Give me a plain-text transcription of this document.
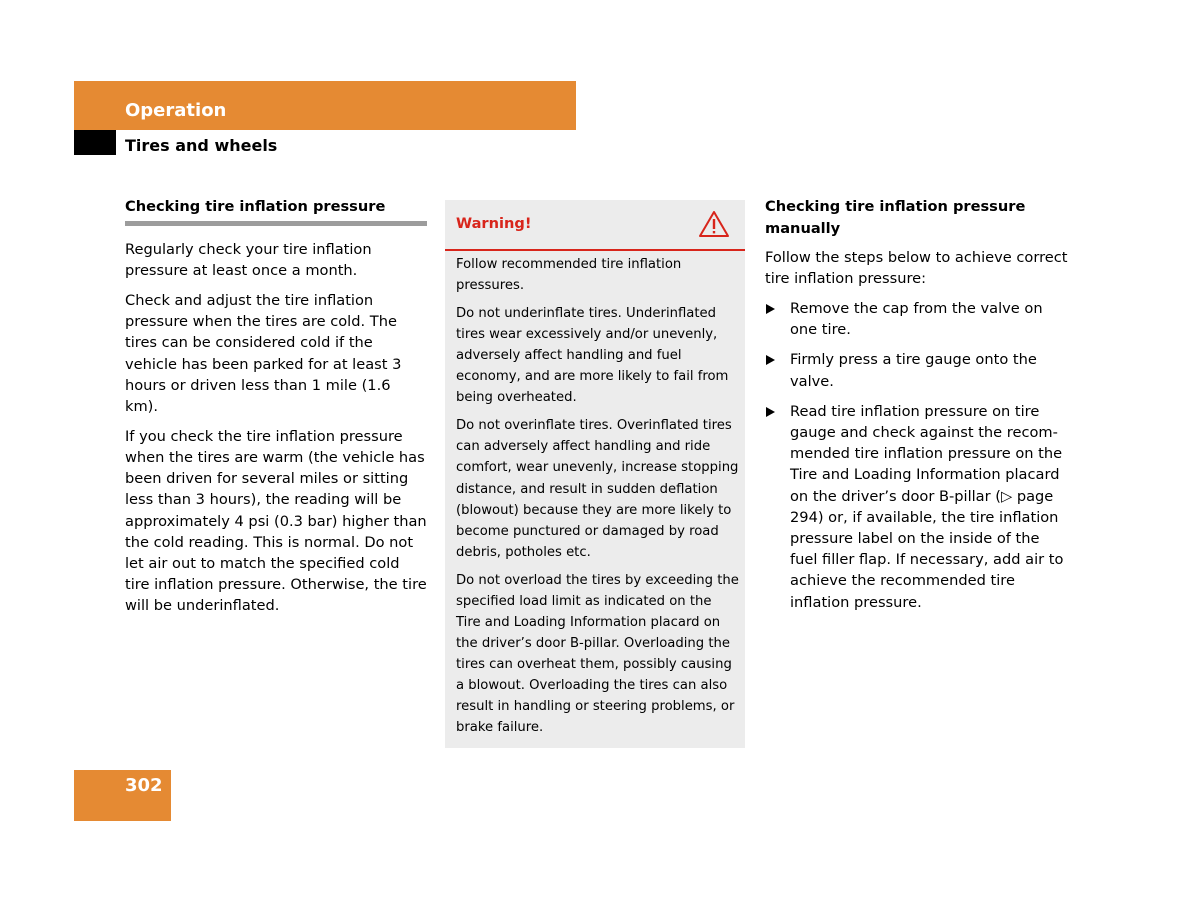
Operation
Tires and wheels
Checking tire inflation pressure

Regularly check your tire inflation pressure at least once a month.

Check and adjust the tire inflation pressure when the tires are cold. The tires can be considered cold if the vehicle has been parked for at least 3 hours or driven less than 1 mile (1.6 km).

If you check the tire inflation pressure when the tires are warm (the vehicle has been driven for several miles or sitting less than 3 hours), the reading will be approximately 4 psi (0.3 bar) higher than the cold reading. This is normal. Do not let air out to match the specified cold tire inflation pressure. Otherwise, the tire will be underinflated.

Warning!

Follow recommended tire inflation pressures.

Do not underinflate tires. Underinflated tires wear excessively and/or unevenly, adversely affect handling and fuel economy, and are more likely to fail from being overheated.

Do not overinflate tires. Overinflated tires can adversely affect handling and ride comfort, wear unevenly, increase stopping distance, and result in sudden deflation (blowout) because they are more likely to become punctured or damaged by road debris, potholes etc.

Do not overload the tires by exceeding the specified load limit as indicated on the Tire and Loading Information placard on the driver’s door B-pillar. Overloading the tires can overheat them, possibly causing a blowout. Overloading the tires can also result in handling or steering problems, or brake failure.

Checking tire inflation pressure manually

Follow the steps below to achieve correct tire inflation pressure:

Remove the cap from the valve on one tire.
Firmly press a tire gauge onto the valve.
Read tire inflation pressure on tire gauge and check against the recommended tire inflation pressure on the Tire and Loading Information placard on the driver’s door B-pillar (▷ page 294) or, if available, the tire inflation pressure label on the inside of the fuel filler flap. If necessary, add air to achieve the recommended tire inflation pressure.
302
